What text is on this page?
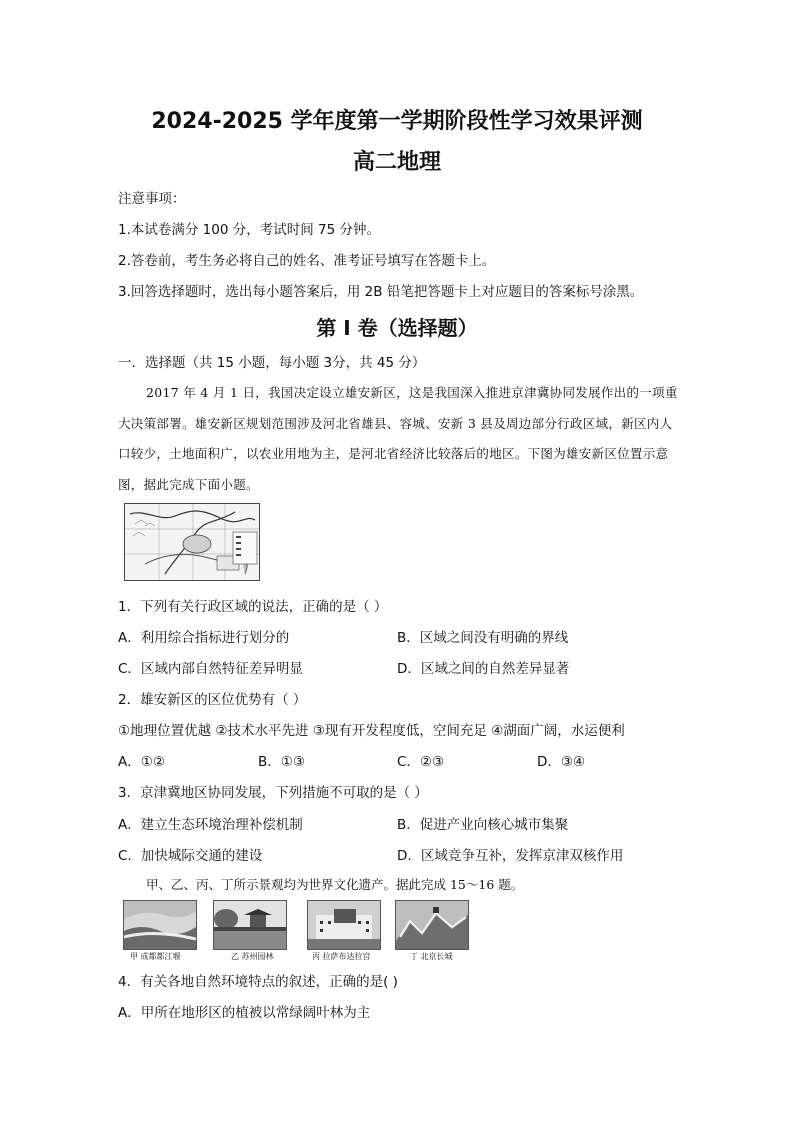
2024-2025 学年度第一学期阶段性学习效果评测
高二地理
注意事项：
1.本试卷满分 100 分，考试时间 75 分钟。
2.答卷前，考生务必将自己的姓名、准考证号填写在答题卡上。
3.回答选择题时，选出每小题答案后，用 2B 铅笔把答题卡上对应题目的答案标号涂黑。
第 I 卷（选择题）
一．选择题（共 15 小题，每小题 3分，共 45 分）
2017 年 4 月 1 日，我国决定设立雄安新区，这是我国深入推进京津冀协同发展作出的一项重大决策部署。雄安新区规划范围涉及河北省雄县、容城、安新 3 县及周边部分行政区域，新区内人口较少，土地面积广，以农业用地为主，是河北省经济比较落后的地区。下图为雄安新区位置示意图，据此完成下面小题。
1．下列有关行政区域的说法，正确的是（ ）
A．利用综合指标进行划分的	B．区域之间没有明确的界线
C．区域内部自然特征差异明显	D．区域之间的自然差异显著
2．雄安新区的区位优势有（ ）
①地理位置优越 ②技术水平先进 ③现有开发程度低，空间充足 ④湖面广阔，水运便利
A．①②	B．①③	C．②③	D．③④
3．京津冀地区协同发展，下列措施不可取的是（ ）
A．建立生态环境治理补偿机制	B．促进产业向核心城市集聚
C．加快城际交通的建设	D．区域竞争互补，发挥京津双核作用
甲、乙、丙、丁所示景观均为世界文化遗产。据此完成 15～16 题。
甲 成都都江堰	乙 苏州园林	丙 拉萨布达拉宫	丁 北京长城
4．有关各地自然环境特点的叙述，正确的是( )
A．甲所在地形区的植被以常绿阔叶林为主
